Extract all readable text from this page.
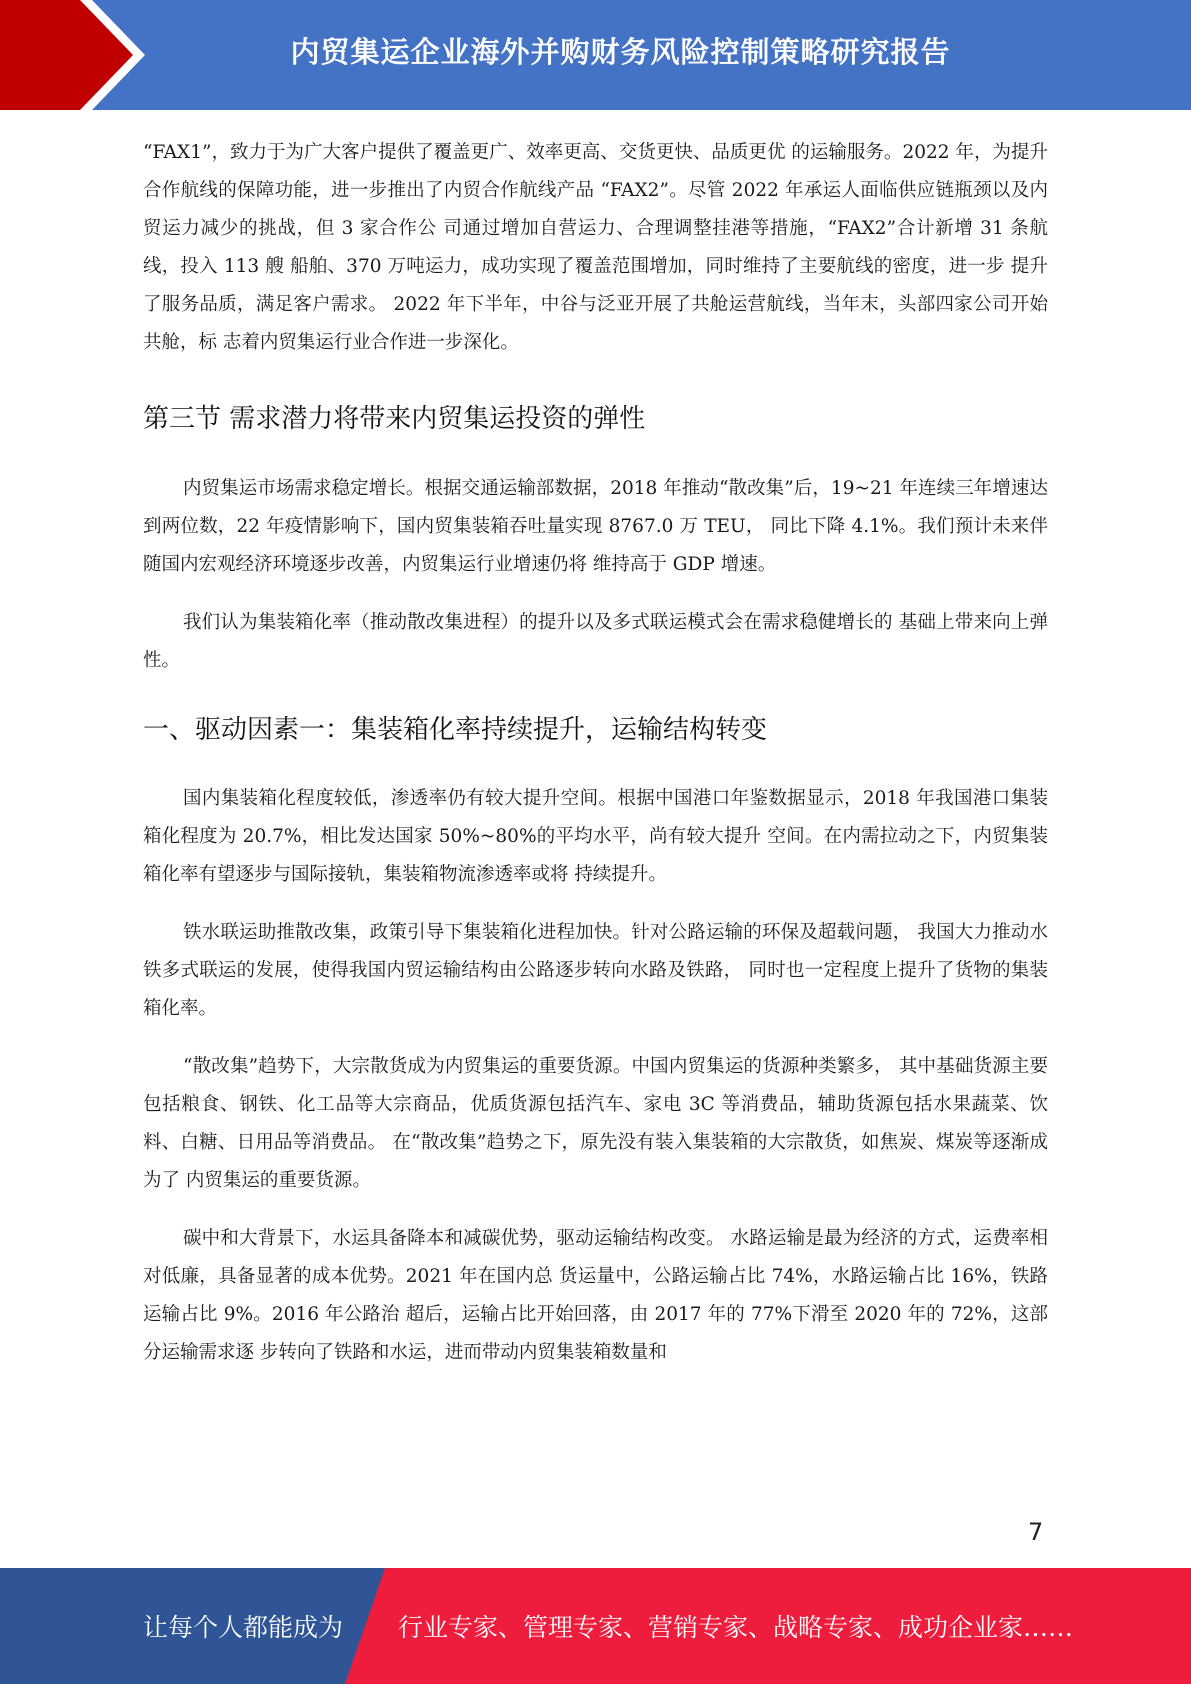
内贸集运企业海外并购财务风险控制策略研究报告

“FAX1”，致力于为广大客户提供了覆盖更广、效率更高、交货更快、品质更优 的运输服务。2022 年，为提升合作航线的保障功能，进一步推出了内贸合作航线产品 “FAX2”。尽管 2022 年承运人面临供应链瓶颈以及内贸运力减少的挑战，但 3 家合作公 司通过增加自营运力、合理调整挂港等措施，“FAX2”合计新增 31 条航线，投入 113 艘 船舶、370 万吨运力，成功实现了覆盖范围增加，同时维持了主要航线的密度，进一步 提升了服务品质，满足客户需求。 2022 年下半年，中谷与泛亚开展了共舱运营航线，当年末，头部四家公司开始共舱，标 志着内贸集运行业合作进一步深化。

第三节 需求潜力将带来内贸集运投资的弹性

内贸集运市场需求稳定增长。根据交通运输部数据，2018 年推动“散改集”后，19~21 年连续三年增速达到两位数，22 年疫情影响下，国内贸集装箱吞吐量实现 8767.0 万 TEU， 同比下降 4.1%。我们预计未来伴随国内宏观经济环境逐步改善，内贸集运行业增速仍将 维持高于 GDP 增速。

我们认为集装箱化率（推动散改集进程）的提升以及多式联运模式会在需求稳健增长的 基础上带来向上弹性。

一、驱动因素一：集装箱化率持续提升，运输结构转变

国内集装箱化程度较低，渗透率仍有较大提升空间。根据中国港口年鉴数据显示，2018 年我国港口集装箱化程度为 20.7%，相比发达国家 50%~80%的平均水平，尚有较大提升 空间。在内需拉动之下，内贸集装箱化率有望逐步与国际接轨，集装箱物流渗透率或将 持续提升。

铁水联运助推散改集，政策引导下集装箱化进程加快。针对公路运输的环保及超载问题， 我国大力推动水铁多式联运的发展，使得我国内贸运输结构由公路逐步转向水路及铁路， 同时也一定程度上提升了货物的集装箱化率。

“散改集”趋势下，大宗散货成为内贸集运的重要货源。中国内贸集运的货源种类繁多， 其中基础货源主要包括粮食、钢铁、化工品等大宗商品，优质货源包括汽车、家电 3C 等消费品，辅助货源包括水果蔬菜、饮料、白糖、日用品等消费品。 在“散改集”趋势之下，原先没有装入集装箱的大宗散货，如焦炭、煤炭等逐渐成为了 内贸集运的重要货源。

碳中和大背景下，水运具备降本和减碳优势，驱动运输结构改变。 水路运输是最为经济的方式，运费率相对低廉，具备显著的成本优势。2021 年在国内总 货运量中，公路运输占比 74%，水路运输占比 16%，铁路运输占比 9%。2016 年公路治 超后，运输占比开始回落，由 2017 年的 77%下滑至 2020 年的 72%，这部分运输需求逐 步转向了铁路和水运，进而带动内贸集装箱数量和

7
让每个人都能成为 行业专家、管理专家、营销专家、战略专家、成功企业家……
